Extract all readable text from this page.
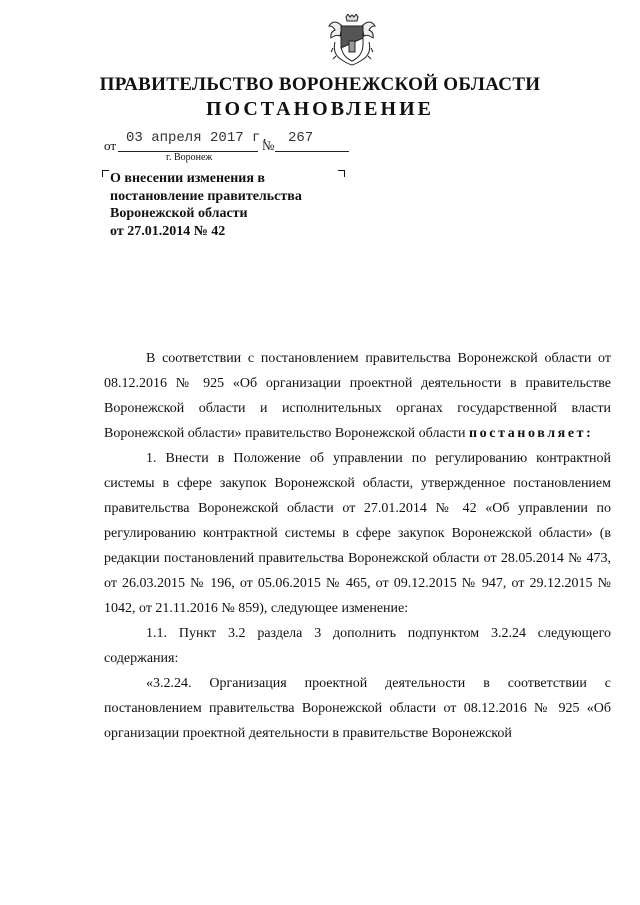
ПРАВИТЕЛЬСТВО ВОРОНЕЖСКОЙ ОБЛАСТИ
ПОСТАНОВЛЕНИЕ
от 03 апреля 2017 г.
№ 267
г. Воронеж
О внесении изменения в
постановление правительства
Воронежской области
от 27.01.2014 № 42

В соответствии с постановлением правительства Воронежской области от 08.12.2016 № 925 «Об организации проектной деятельности в правительстве Воронежской области и исполнительных органах государственной власти Воронежской области» правительство Воронежской области постановляет:

1. Внести в Положение об управлении по регулированию контрактной системы в сфере закупок Воронежской области, утвержденное постановлением правительства Воронежской области от 27.01.2014 № 42 «Об управлении по регулированию контрактной системы в сфере закупок Воронежской области» (в редакции постановлений правительства Воронежской области от 28.05.2014 № 473, от 26.03.2015 № 196, от 05.06.2015 № 465, от 09.12.2015 № 947, от 29.12.2015 № 1042, от 21.11.2016 № 859), следующее изменение:

1.1. Пункт 3.2 раздела 3 дополнить подпунктом 3.2.24 следующего содержания:

«3.2.24. Организация проектной деятельности в соответствии с постановлением правительства Воронежской области от 08.12.2016 № 925 «Об организации проектной деятельности в правительстве Воронежской
